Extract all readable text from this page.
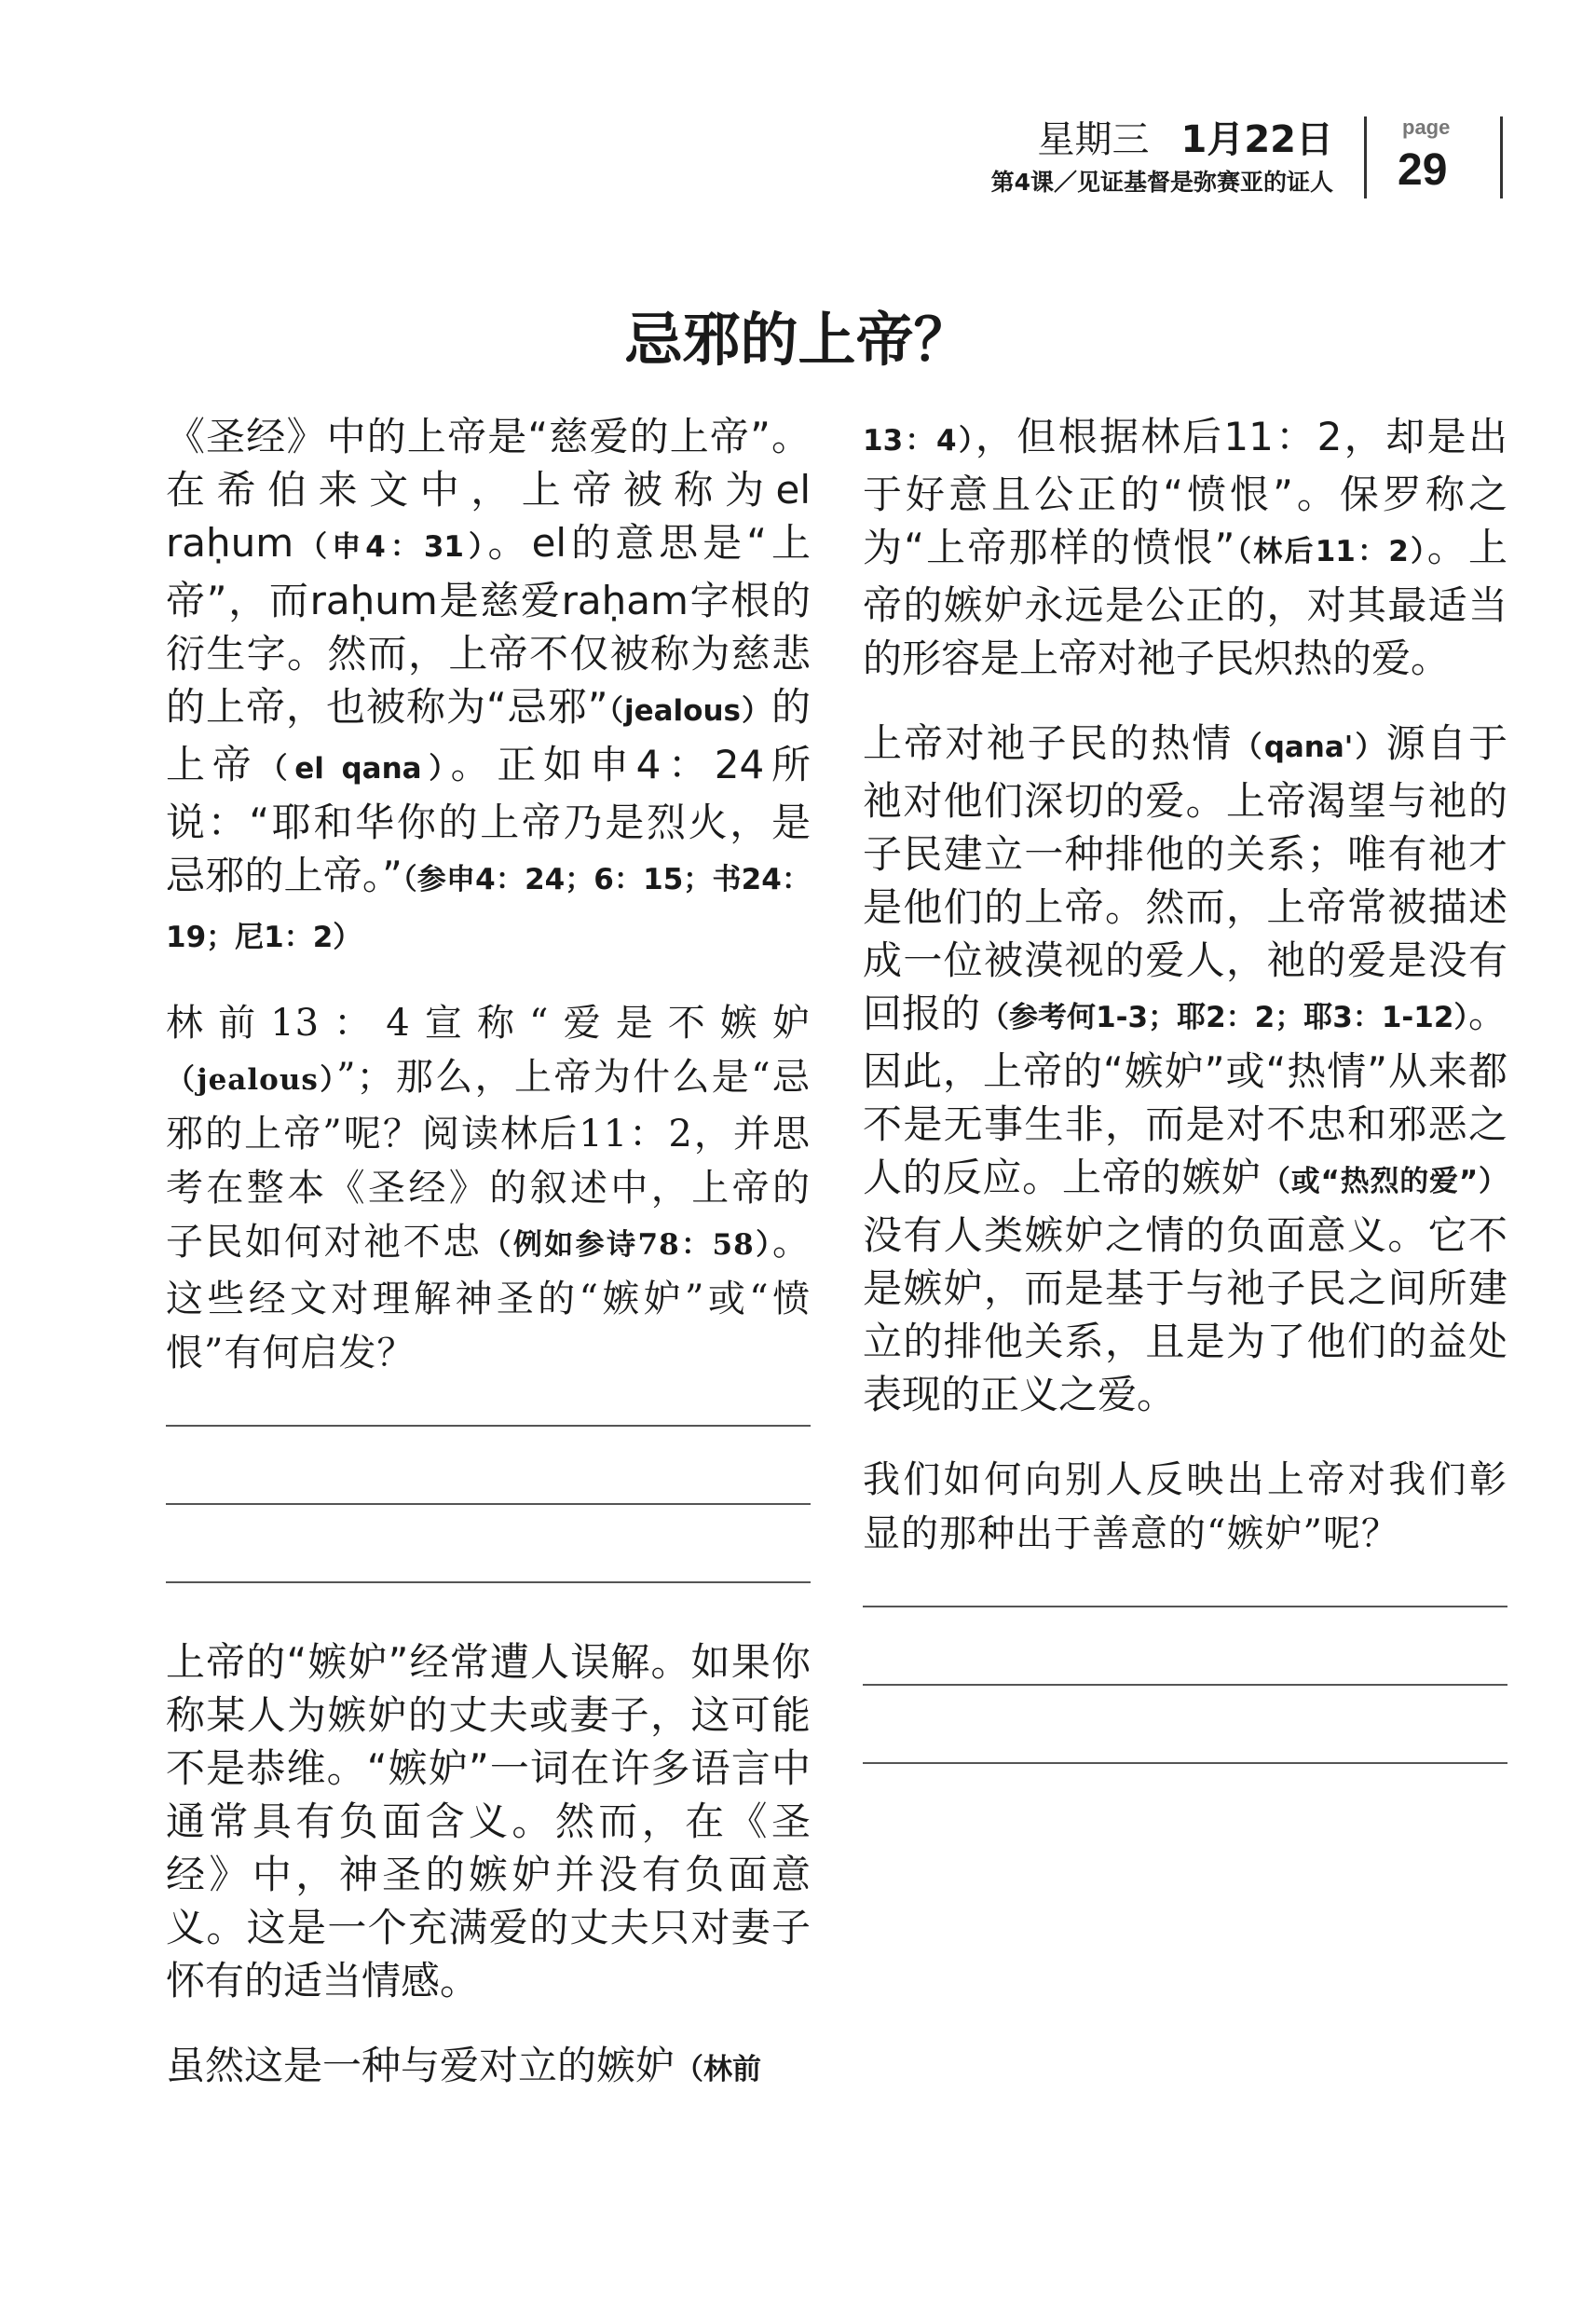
星期三 1月22日
第4课／见证基督是弥赛亚的证人
page
29
忌邪的上帝？

《圣经》中的上帝是“慈爱的上帝”。在希伯来文中，上帝被称为el raḥum（申4：31）。el的意思是“上帝”，而raḥum是慈爱raḥam字根的衍生字。然而，上帝不仅被称为慈悲的上帝，也被称为“忌邪”（jealous）的上帝（el qana）。正如申4：24所说：“耶和华你的上帝乃是烈火，是忌邪的上帝。”（参申4：24；6：15；书24：19；尼1：2）

林前13：4宣称“爱是不嫉妒（jealous）”；那么，上帝为什么是“忌邪的上帝”呢？阅读林后11：2，并思考在整本《圣经》的叙述中，上帝的子民如何对祂不忠（例如参诗78：58）。这些经文对理解神圣的“嫉妒”或“愤恨”有何启发？

上帝的“嫉妒”经常遭人误解。如果你称某人为嫉妒的丈夫或妻子，这可能不是恭维。“嫉妒”一词在许多语言中通常具有负面含义。然而，在《圣经》中，神圣的嫉妒并没有负面意义。这是一个充满爱的丈夫只对妻子怀有的适当情感。

虽然这是一种与爱对立的嫉妒（林前

13：4），但根据林后11：2，却是出于好意且公正的“愤恨”。保罗称之为“上帝那样的愤恨”（林后11：2）。上帝的嫉妒永远是公正的，对其最适当的形容是上帝对祂子民炽热的爱。

上帝对祂子民的热情（qana'）源自于祂对他们深切的爱。上帝渴望与祂的子民建立一种排他的关系；唯有祂才是他们的上帝。然而，上帝常被描述成一位被漠视的爱人，祂的爱是没有回报的（参考何1-3；耶2：2；耶3：1-12）。因此，上帝的“嫉妒”或“热情”从来都不是无事生非，而是对不忠和邪恶之人的反应。上帝的嫉妒（或“热烈的爱”）没有人类嫉妒之情的负面意义。它不是嫉妒，而是基于与祂子民之间所建立的排他关系，且是为了他们的益处表现的正义之爱。

我们如何向别人反映出上帝对我们彰显的那种出于善意的“嫉妒”呢？
